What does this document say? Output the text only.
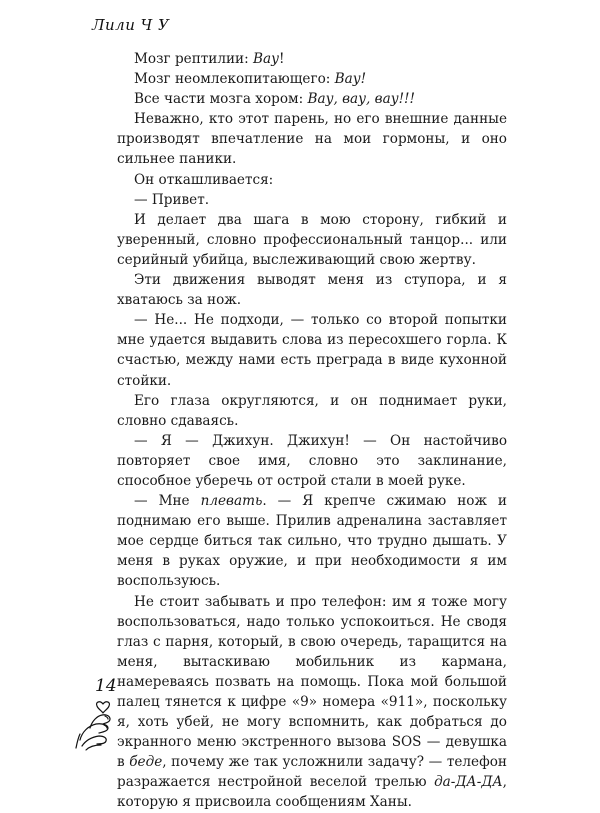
Лили Ч У

Мозг рептилии: Вау!

Мозг неомлекопитающего: Вау!

Все части мозга хором: Вау, вау, вау!!!

Неважно, кто этот парень, но его внешние данные производят впечатление на мои гормоны, и оно сильнее паники.

Он откашливается:

— Привет.

И делает два шага в мою сторону, гибкий и уверенный, словно профессиональный танцор... или серийный убийца, выслеживающий свою жертву.

Эти движения выводят меня из ступора, и я хватаюсь за нож.

— Не... Не подходи, — только со второй попытки мне удается выдавить слова из пересохшего горла. К счастью, между нами есть преграда в виде кухонной стойки.

Его глаза округляются, и он поднимает руки, словно сдаваясь.

— Я — Джихун. Джихун! — Он настойчиво повторяет свое имя, словно это заклинание, способное уберечь от острой стали в моей руке.

— Мне плевать. — Я крепче сжимаю нож и поднимаю его выше. Прилив адреналина заставляет мое сердце биться так сильно, что трудно дышать. У меня в руках оружие, и при необходимости я им воспользуюсь.

Не стоит забывать и про телефон: им я тоже могу воспользоваться, надо только успокоиться. Не сводя глаз с парня, который, в свою очередь, таращится на меня, вытаскиваю мобильник из кармана, намереваясь позвать на помощь. Пока мой большой палец тянется к цифре «9» номера «911», поскольку я, хоть убей, не могу вспомнить, как добраться до экранного меню экстренного вызова SOS — девушка в беде, почему же так усложнили задачу? — телефон разражается нестройной веселой трелью да-ДА-ДА, которую я присвоила сообщениям Ханы.

14
